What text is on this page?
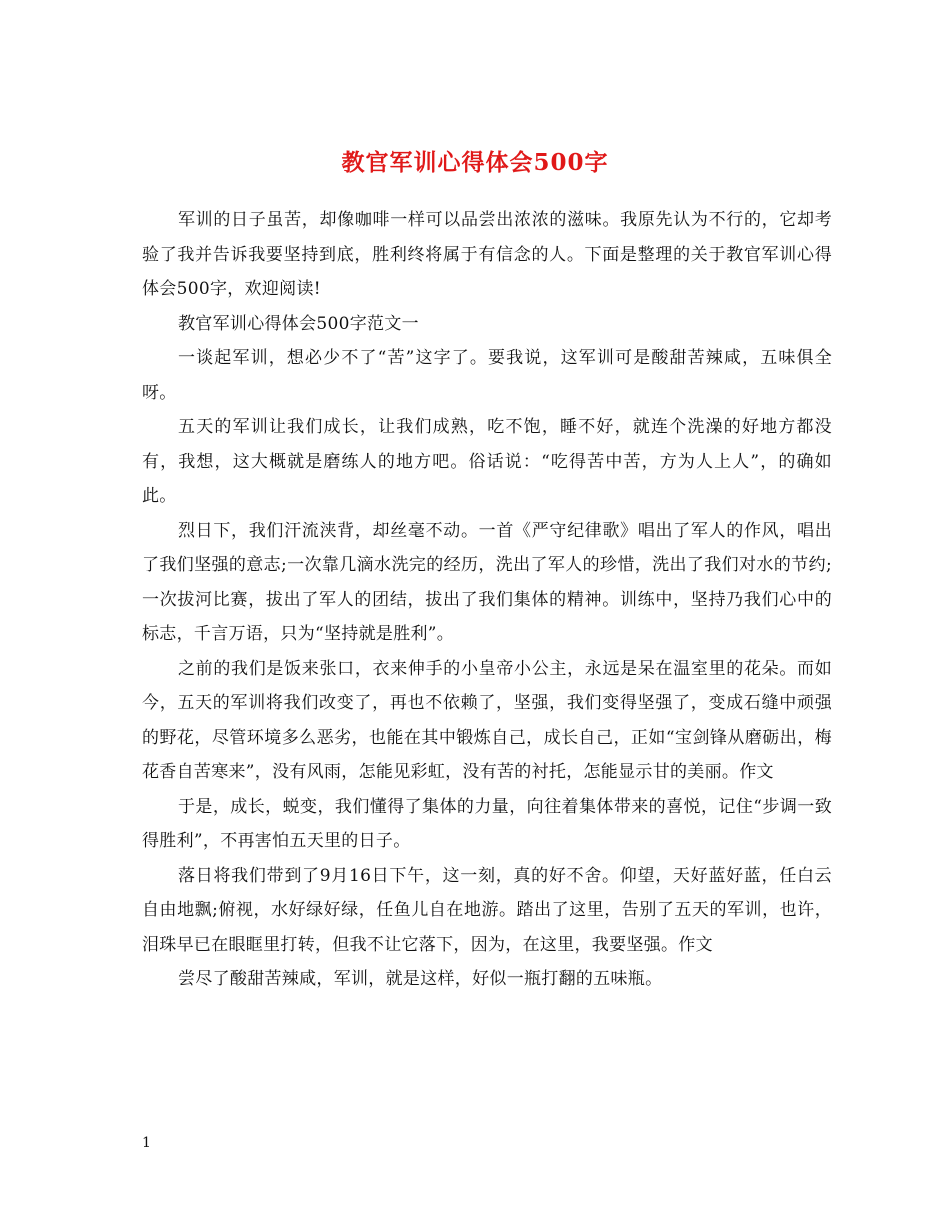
教官军训心得体会500字

军训的日子虽苦，却像咖啡一样可以品尝出浓浓的滋味。我原先认为不行的，它却考验了我并告诉我要坚持到底，胜利终将属于有信念的人。下面是整理的关于教官军训心得体会500字，欢迎阅读!

教官军训心得体会500字范文一

一谈起军训，想必少不了“苦”这字了。要我说，这军训可是酸甜苦辣咸，五味俱全呀。

五天的军训让我们成长，让我们成熟，吃不饱，睡不好，就连个洗澡的好地方都没有，我想，这大概就是磨练人的地方吧。俗话说：“吃得苦中苦，方为人上人”，的确如此。

烈日下，我们汗流浃背，却丝毫不动。一首《严守纪律歌》唱出了军人的作风，唱出了我们坚强的意志;一次靠几滴水洗完的经历，洗出了军人的珍惜，洗出了我们对水的节约;一次拔河比赛，拔出了军人的团结，拔出了我们集体的精神。训练中，坚持乃我们心中的标志，千言万语，只为“坚持就是胜利”。

之前的我们是饭来张口，衣来伸手的小皇帝小公主，永远是呆在温室里的花朵。而如今，五天的军训将我们改变了，再也不依赖了，坚强，我们变得坚强了，变成石缝中顽强的野花，尽管环境多么恶劣，也能在其中锻炼自己，成长自己，正如“宝剑锋从磨砺出，梅花香自苦寒来”，没有风雨，怎能见彩虹，没有苦的衬托，怎能显示甘的美丽。作文

于是，成长，蜕变，我们懂得了集体的力量，向往着集体带来的喜悦，记住“步调一致得胜利”，不再害怕五天里的日子。

落日将我们带到了9月16日下午，这一刻，真的好不舍。仰望，天好蓝好蓝，任白云自由地飘;俯视，水好绿好绿，任鱼儿自在地游。踏出了这里，告别了五天的军训，也许，泪珠早已在眼眶里打转，但我不让它落下，因为，在这里，我要坚强。作文

尝尽了酸甜苦辣咸，军训，就是这样，好似一瓶打翻的五味瓶。

1
